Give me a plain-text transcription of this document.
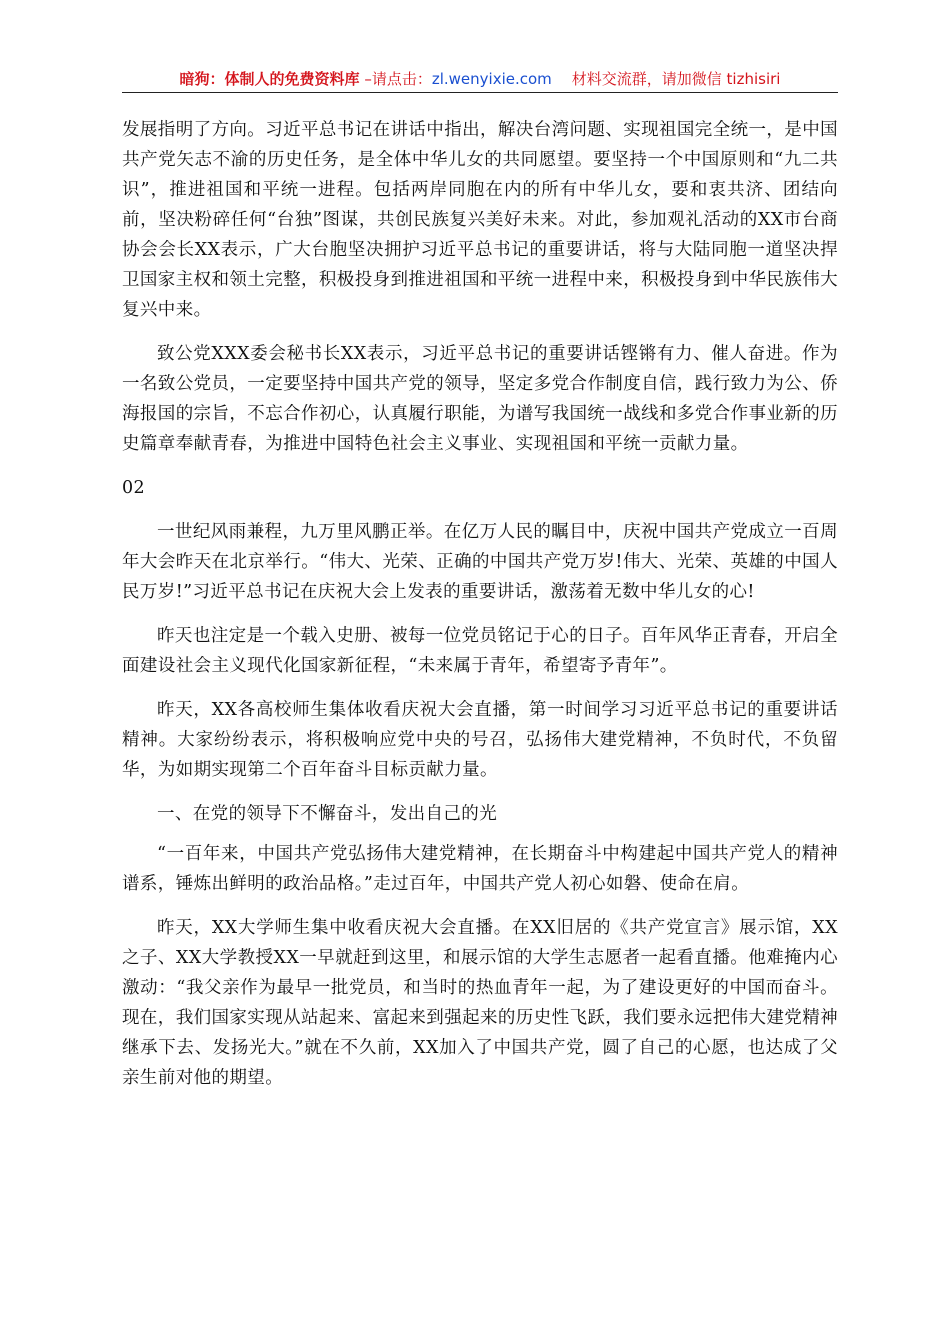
暗狗：体制人的免费资料库 –请点击：zl.wenyixie.com 材料交流群，请加微信 tizhisiri

发展指明了方向。习近平总书记在讲话中指出，解决台湾问题、实现祖国完全统一，是中国共产党矢志不渝的历史任务，是全体中华儿女的共同愿望。要坚持一个中国原则和“九二共识”，推进祖国和平统一进程。包括两岸同胞在内的所有中华儿女，要和衷共济、团结向前，坚决粉碎任何“台独”图谋，共创民族复兴美好未来。对此，参加观礼活动的XX市台商协会会长XX表示，广大台胞坚决拥护习近平总书记的重要讲话，将与大陆同胞一道坚决捍卫国家主权和领土完整，积极投身到推进祖国和平统一进程中来，积极投身到中华民族伟大复兴中来。

致公党XXX委会秘书长XX表示，习近平总书记的重要讲话铿锵有力、催人奋进。作为一名致公党员，一定要坚持中国共产党的领导，坚定多党合作制度自信，践行致力为公、侨海报国的宗旨，不忘合作初心，认真履行职能，为谱写我国统一战线和多党合作事业新的历史篇章奉献青春，为推进中国特色社会主义事业、实现祖国和平统一贡献力量。

02

一世纪风雨兼程，九万里风鹏正举。在亿万人民的瞩目中，庆祝中国共产党成立一百周年大会昨天在北京举行。“伟大、光荣、正确的中国共产党万岁!伟大、光荣、英雄的中国人民万岁!”习近平总书记在庆祝大会上发表的重要讲话，激荡着无数中华儿女的心!

昨天也注定是一个载入史册、被每一位党员铭记于心的日子。百年风华正青春，开启全面建设社会主义现代化国家新征程，“未来属于青年，希望寄予青年”。

昨天，XX各高校师生集体收看庆祝大会直播，第一时间学习习近平总书记的重要讲话精神。大家纷纷表示，将积极响应党中央的号召，弘扬伟大建党精神，不负时代，不负留华，为如期实现第二个百年奋斗目标贡献力量。

一、在党的领导下不懈奋斗，发出自己的光

“一百年来，中国共产党弘扬伟大建党精神，在长期奋斗中构建起中国共产党人的精神谱系，锤炼出鲜明的政治品格。”走过百年，中国共产党人初心如磐、使命在肩。

昨天，XX大学师生集中收看庆祝大会直播。在XX旧居的《共产党宣言》展示馆，XX之子、XX大学教授XX一早就赶到这里，和展示馆的大学生志愿者一起看直播。他难掩内心激动：“我父亲作为最早一批党员，和当时的热血青年一起，为了建设更好的中国而奋斗。现在，我们国家实现从站起来、富起来到强起来的历史性飞跃，我们要永远把伟大建党精神继承下去、发扬光大。”就在不久前，XX加入了中国共产党，圆了自己的心愿，也达成了父亲生前对他的期望。
